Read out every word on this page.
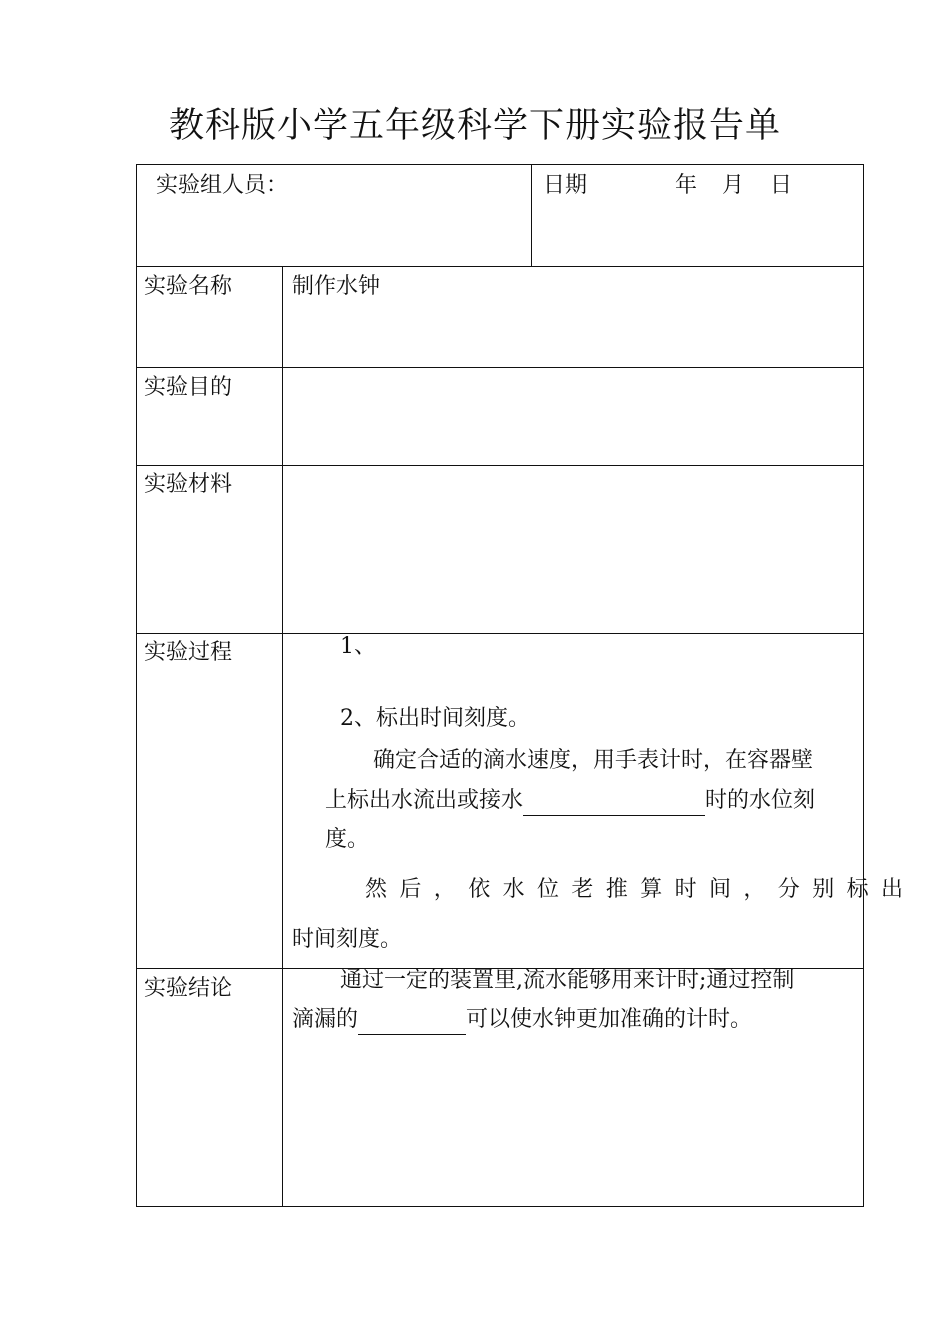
教科版小学五年级科学下册实验报告单
实验组人员：	日期	年 月 日
实验名称	制作水钟
实验目的
实验材料
实验过程	1、
2、标出时间刻度。
确定合适的滴水速度，用手表计时，在容器壁
上标出水流出或接水	时的水位刻
度。
然后，依水位老推算时间，分别标出
时间刻度。
实验结论	通过一定的装置里,流水能够用来计时;通过控制
滴漏的	可以使水钟更加准确的计时。
